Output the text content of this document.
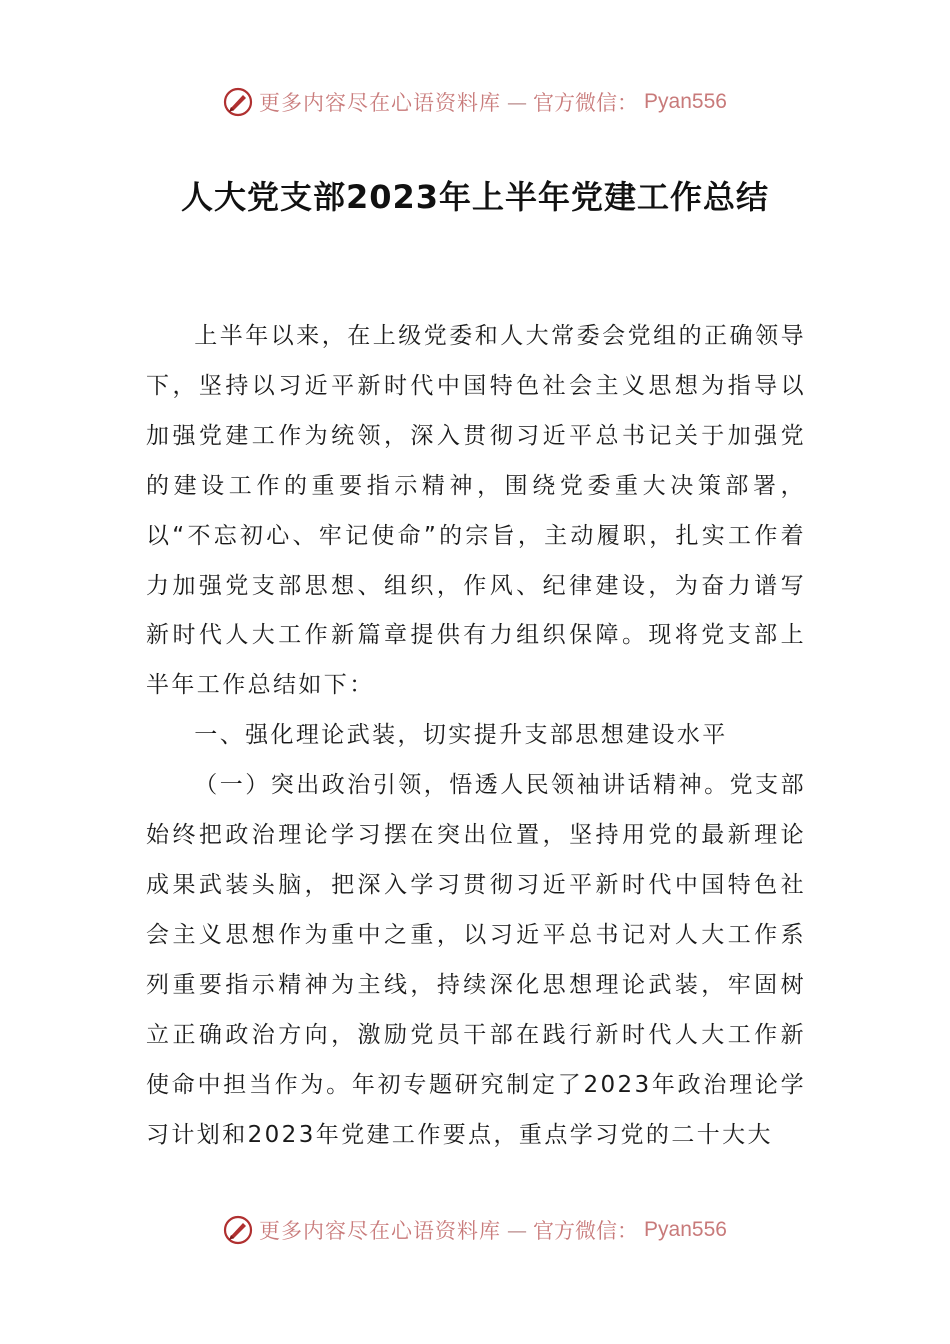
更多内容尽在心语资料库 — 官方微信： Pyan556
人大党支部2023年上半年党建工作总结

上半年以来，在上级党委和人大常委会党组的正确领导下，坚持以习近平新时代中国特色社会主义思想为指导以加强党建工作为统领，深入贯彻习近平总书记关于加强党的建设工作的重要指示精神，围绕党委重大决策部署，以“不忘初心、牢记使命”的宗旨，主动履职，扎实工作着力加强党支部思想、组织，作风、纪律建设，为奋力谱写新时代人大工作新篇章提供有力组织保障。现将党支部上半年工作总结如下：

一、强化理论武装，切实提升支部思想建设水平

（一）突出政治引领，悟透人民领袖讲话精神。党支部始终把政治理论学习摆在突出位置，坚持用党的最新理论成果武装头脑，把深入学习贯彻习近平新时代中国特色社会主义思想作为重中之重，以习近平总书记对人大工作系列重要指示精神为主线，持续深化思想理论武装，牢固树立正确政治方向，激励党员干部在践行新时代人大工作新使命中担当作为。年初专题研究制定了2023年政治理论学习计划和2023年党建工作要点，重点学习党的二十大大

更多内容尽在心语资料库 — 官方微信： Pyan556
